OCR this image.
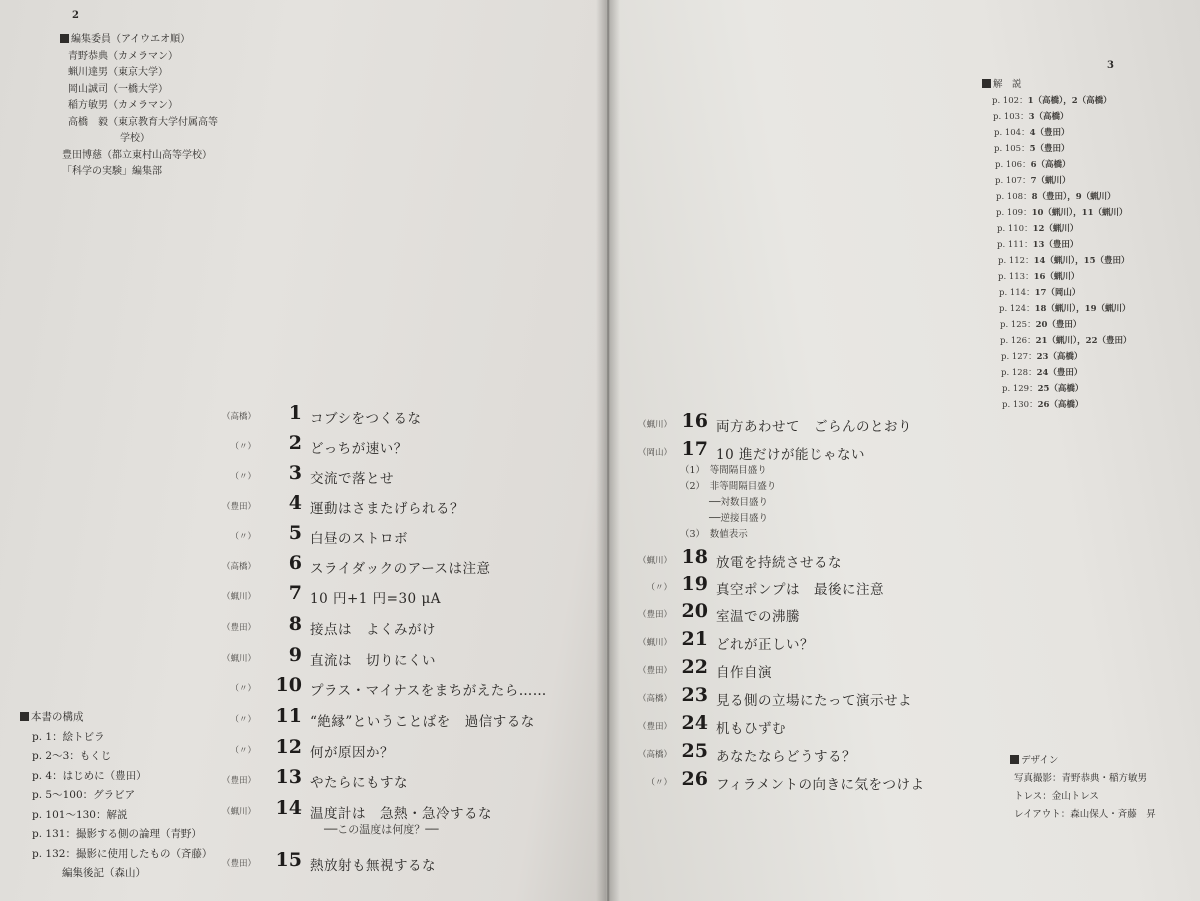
2
編集委員（アイウエオ順）
青野恭典（カメラマン）
蝋川達男（東京大学）
岡山誠司（一橋大学）
稲方敏男（カメラマン）
高橋　毅（東京教育大学付属高等
学校）
豊田博慈（都立東村山高等学校）
「科学の実験」編集部
本書の構成
p. 1：絵トビラ
p. 2〜3：もくじ
p. 4：はじめに（豊田）
p. 5〜100：グラビア
p. 101〜130：解説
p. 131：撮影する側の論理（青野）
p. 132：撮影に使用したもの（斉藤）
編集後記（森山）
（高橋）	1 コブシをつくるな
（〃）	2 どっちが速い？
（〃）	3 交流で落とせ
（豊田）	4 運動はさまたげられる？
（〃）	5 白昼のストロボ
（高橋）	6 スライダックのアースは注意
（蝋川）	7 10 円+1 円=30 μA
（豊田）	8 接点は　よくみがけ
（蝋川）	9 直流は　切りにくい
（〃）	10 プラス・マイナスをまちがえたら……
（〃）	11 “絶縁”ということばを　過信するな
（〃）	12 何が原因か？
（豊田）	13 やたらにもすな
（蝋川）	14 温度計は　急熱・急冷するな
──この温度は何度？──
（豊田）	15 熱放射も無視するな
3
解　説
p. 102：1（高橋），2（高橋）
p. 103：3（高橋）
p. 104：4（豊田）
p. 105：5（豊田）
p. 106：6（高橋）
p. 107：7（蝋川）
p. 108：8（豊田），9（蝋川）
p. 109：10（蝋川），11（蝋川）
p. 110：12（蝋川）
p. 111：13（豊田）
p. 112：14（蝋川），15（豊田）
p. 113：16（蝋川）
p. 114：17（岡山）
p. 124：18（蝋川），19（蝋川）
p. 125：20（豊田）
p. 126：21（蝋川），22（豊田）
p. 127：23（高橋）
p. 128：24（豊田）
p. 129：25（高橋）
p. 130：26（高橋）
（蝋川） 16 両方あわせて　ごらんのとおり
（岡山） 17 10 進だけが能じゃない
（1）　等間隔目盛り
（2）　非等間隔目盛り
──対数目盛り
──逆接目盛り
（3）　数値表示
（蝋川） 18 放電を持続させるな
（〃） 19 真空ポンプは　最後に注意
（豊田） 20 室温での沸騰
（蝋川） 21 どれが正しい？
（豊田） 22 自作自演
（高橋） 23 見る側の立場にたって演示せよ
（豊田） 24 机もひずむ
（高橋） 25 あなたならどうする？
（〃） 26 フィラメントの向きに気をつけよ
デザイン
写真撮影：青野恭典・稲方敏男
トレス：金山トレス
レイアウト：森山保人・斉藤　昇
